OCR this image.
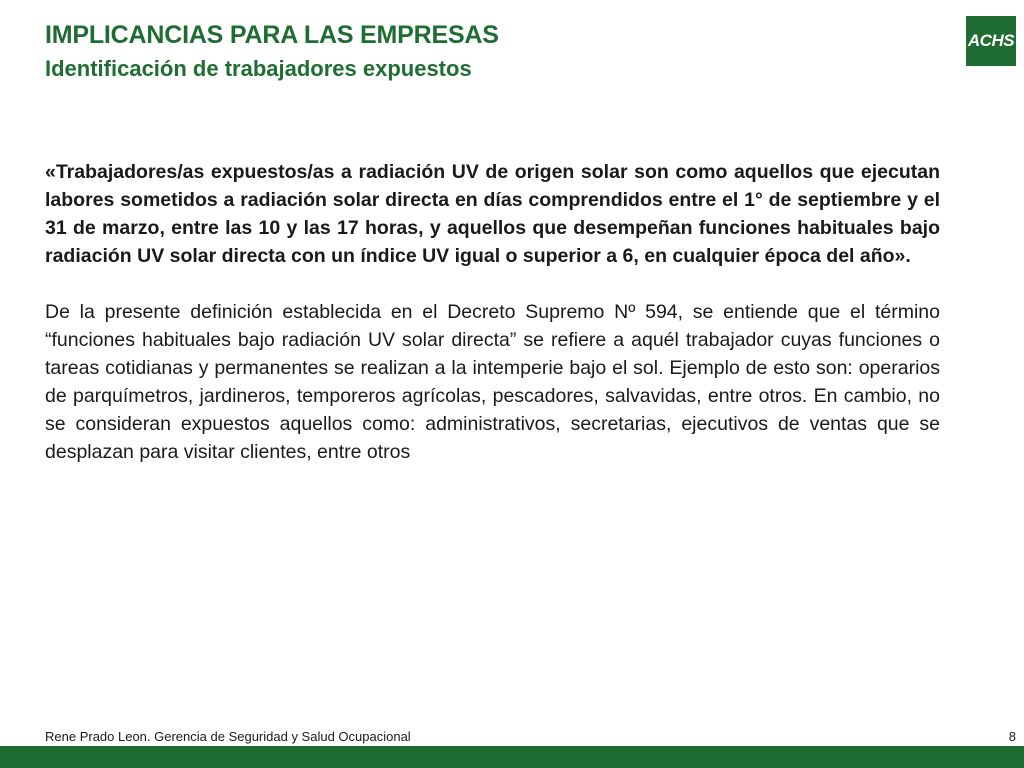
IMPLICANCIAS PARA LAS EMPRESAS
Identificación de trabajadores expuestos
ACHS

«Trabajadores/as expuestos/as a radiación UV de origen solar son como aquellos que ejecutan labores sometidos a radiación solar directa en días comprendidos entre el 1° de septiembre y el 31 de marzo, entre las 10 y las 17 horas, y aquellos que desempeñan funciones habituales bajo radiación UV solar directa con un índice UV igual o superior a 6, en cualquier época del año».

De la presente definición establecida en el Decreto Supremo Nº 594, se entiende que el término “funciones habituales bajo radiación UV solar directa” se refiere a aquél trabajador cuyas funciones o tareas cotidianas y permanentes se realizan a la intemperie bajo el sol. Ejemplo de esto son: operarios de parquímetros, jardineros, temporeros agrícolas, pescadores, salvavidas, entre otros. En cambio, no se consideran expuestos aquellos como: administrativos, secretarias, ejecutivos de ventas que se desplazan para visitar clientes, entre otros

Rene Prado Leon. Gerencia de Seguridad y Salud Ocupacional	8
